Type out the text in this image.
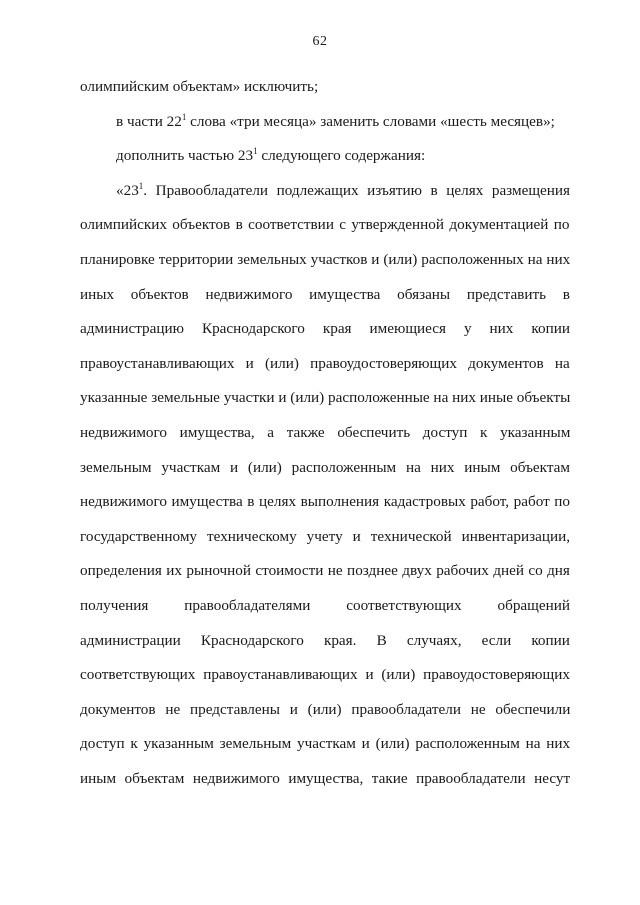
62
олимпийским объектам» исключить;
в части $22^1$ слова «три месяца» заменить словами «шесть месяцев»;
дополнить частью $23^1$ следующего содержания:
«$23^1$ . Правообладатели подлежащих изъятию в целях размещения
олимпийских объектов в соответствии с утвержденной документацией по
планировке территории земельных участков и (или) расположенных на них
иных объектов недвижимого имущества обязаны представить в
администрацию Краснодарского края имеющиеся у них копии
правоустанавливающих и (или) правоудостоверяющих документов на
указанные земельные участки и (или) расположенные на них иные объекты
недвижимого имущества, а также обеспечить доступ к указанным
земельным участкам и (или) расположенным на них иным объектам
недвижимого имущества в целях выполнения кадастровых работ, работ по
государственному техническому учету и технической инвентаризации,
определения их рыночной стоимости не позднее двух рабочих дней со дня
получения правообладателями соответствующих обращений
администрации Краснодарского края. В случаях, если копии
соответствующих правоустанавливающих и (или) правоудостоверяющих
документов не представлены и (или) правообладатели не обеспечили
доступ к указанным земельным участкам и (или) расположенным на них
иным объектам недвижимого имущества, такие правообладатели несут
